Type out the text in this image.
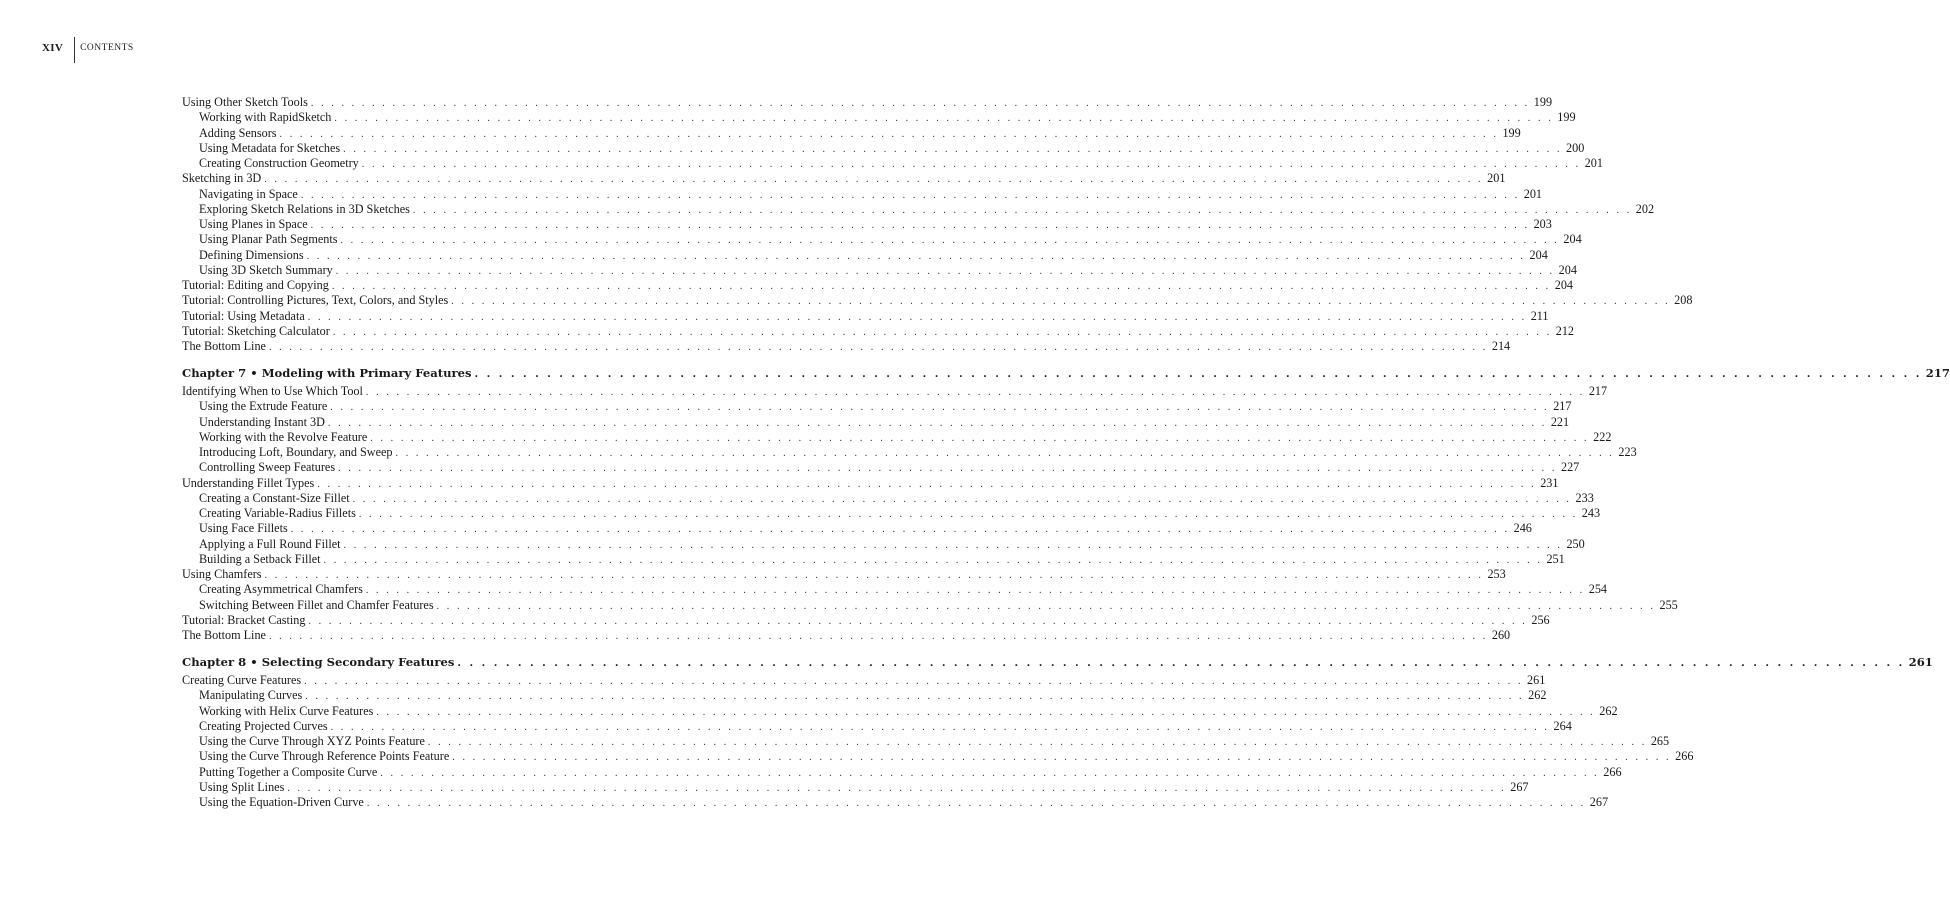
XIV	CONTENTS
Using Other Sketch Tools . . . . . . . . . . . . . . . . . . . . . . . . . . . . . . . . . . . . . . . . . . . . . . . . . . . . . . . . . . . . . . . . . . . . . . . . . . . . . . . . . . . . . . . . . . . . . . . . . . . . . . . . . . . . . . . . . . . . . . . . 199
Working with RapidSketch . . . . . . . . . . . . . . . . . . . . . . . . . . . . . . . . . . . . . . . . . . . . . . . . . . . . . . . . . . . . . . . . . . . . . . . . . . . . . . . . . . . . . . . . . . . . . . . . . . . . . . . . . . . . . . . . . . . . . . . . 199
Adding Sensors . . . . . . . . . . . . . . . . . . . . . . . . . . . . . . . . . . . . . . . . . . . . . . . . . . . . . . . . . . . . . . . . . . . . . . . . . . . . . . . . . . . . . . . . . . . . . . . . . . . . . . . . . . . . . . . . . . . . . . . . 199
Using Metadata for Sketches . . . . . . . . . . . . . . . . . . . . . . . . . . . . . . . . . . . . . . . . . . . . . . . . . . . . . . . . . . . . . . . . . . . . . . . . . . . . . . . . . . . . . . . . . . . . . . . . . . . . . . . . . . . . . . . . . . . . . . . . 200
Creating Construction Geometry . . . . . . . . . . . . . . . . . . . . . . . . . . . . . . . . . . . . . . . . . . . . . . . . . . . . . . . . . . . . . . . . . . . . . . . . . . . . . . . . . . . . . . . . . . . . . . . . . . . . . . . . . . . . . . . . . . . . . . . . 201
Sketching in 3D . . . . . . . . . . . . . . . . . . . . . . . . . . . . . . . . . . . . . . . . . . . . . . . . . . . . . . . . . . . . . . . . . . . . . . . . . . . . . . . . . . . . . . . . . . . . . . . . . . . . . . . . . . . . . . . . . . . . . . . . 201
Navigating in Space . . . . . . . . . . . . . . . . . . . . . . . . . . . . . . . . . . . . . . . . . . . . . . . . . . . . . . . . . . . . . . . . . . . . . . . . . . . . . . . . . . . . . . . . . . . . . . . . . . . . . . . . . . . . . . . . . . . . . . . . 201
Exploring Sketch Relations in 3D Sketches . . . . . . . . . . . . . . . . . . . . . . . . . . . . . . . . . . . . . . . . . . . . . . . . . . . . . . . . . . . . . . . . . . . . . . . . . . . . . . . . . . . . . . . . . . . . . . . . . . . . . . . . . . . . . . . . . . . . . . . . 202
Using Planes in Space . . . . . . . . . . . . . . . . . . . . . . . . . . . . . . . . . . . . . . . . . . . . . . . . . . . . . . . . . . . . . . . . . . . . . . . . . . . . . . . . . . . . . . . . . . . . . . . . . . . . . . . . . . . . . . . . . . . . . . . . 203
Using Planar Path Segments . . . . . . . . . . . . . . . . . . . . . . . . . . . . . . . . . . . . . . . . . . . . . . . . . . . . . . . . . . . . . . . . . . . . . . . . . . . . . . . . . . . . . . . . . . . . . . . . . . . . . . . . . . . . . . . . . . . . . . . . 204
Defining Dimensions . . . . . . . . . . . . . . . . . . . . . . . . . . . . . . . . . . . . . . . . . . . . . . . . . . . . . . . . . . . . . . . . . . . . . . . . . . . . . . . . . . . . . . . . . . . . . . . . . . . . . . . . . . . . . . . . . . . . . . . . 204
Using 3D Sketch Summary . . . . . . . . . . . . . . . . . . . . . . . . . . . . . . . . . . . . . . . . . . . . . . . . . . . . . . . . . . . . . . . . . . . . . . . . . . . . . . . . . . . . . . . . . . . . . . . . . . . . . . . . . . . . . . . . . . . . . . . . 204
Tutorial: Editing and Copying . . . . . . . . . . . . . . . . . . . . . . . . . . . . . . . . . . . . . . . . . . . . . . . . . . . . . . . . . . . . . . . . . . . . . . . . . . . . . . . . . . . . . . . . . . . . . . . . . . . . . . . . . . . . . . . . . . . . . . . . 204
Tutorial: Controlling Pictures, Text, Colors, and Styles . . . . . . . . . . . . . . . . . . . . . . . . . . . . . . . . . . . . . . . . . . . . . . . . . . . . . . . . . . . . . . . . . . . . . . . . . . . . . . . . . . . . . . . . . . . . . . . . . . . . . . . . . . . . . . . . . . . . . . . . 208
Tutorial: Using Metadata . . . . . . . . . . . . . . . . . . . . . . . . . . . . . . . . . . . . . . . . . . . . . . . . . . . . . . . . . . . . . . . . . . . . . . . . . . . . . . . . . . . . . . . . . . . . . . . . . . . . . . . . . . . . . . . . . . . . . . . . 211
Tutorial: Sketching Calculator . . . . . . . . . . . . . . . . . . . . . . . . . . . . . . . . . . . . . . . . . . . . . . . . . . . . . . . . . . . . . . . . . . . . . . . . . . . . . . . . . . . . . . . . . . . . . . . . . . . . . . . . . . . . . . . . . . . . . . . . 212
The Bottom Line . . . . . . . . . . . . . . . . . . . . . . . . . . . . . . . . . . . . . . . . . . . . . . . . . . . . . . . . . . . . . . . . . . . . . . . . . . . . . . . . . . . . . . . . . . . . . . . . . . . . . . . . . . . . . . . . . . . . . . . . 214
Chapter 7 • Modeling with Primary Features . . . . . . . . . . . . . . . . . . . . . . . . . . . . . . . . . . . . . . . . . . . . . . . . . . . . . . . . . . . . . . . . . . . . . . . . . . . . . . . . . . . . . . . . . . . . . . . . . . . . . . . . . . . . . . . . . . . . . . . . 217
Identifying When to Use Which Tool . . . . . . . . . . . . . . . . . . . . . . . . . . . . . . . . . . . . . . . . . . . . . . . . . . . . . . . . . . . . . . . . . . . . . . . . . . . . . . . . . . . . . . . . . . . . . . . . . . . . . . . . . . . . . . . . . . . . . . . . 217
Using the Extrude Feature . . . . . . . . . . . . . . . . . . . . . . . . . . . . . . . . . . . . . . . . . . . . . . . . . . . . . . . . . . . . . . . . . . . . . . . . . . . . . . . . . . . . . . . . . . . . . . . . . . . . . . . . . . . . . . . . . . . . . . . . 217
Understanding Instant 3D . . . . . . . . . . . . . . . . . . . . . . . . . . . . . . . . . . . . . . . . . . . . . . . . . . . . . . . . . . . . . . . . . . . . . . . . . . . . . . . . . . . . . . . . . . . . . . . . . . . . . . . . . . . . . . . . . . . . . . . . 221
Working with the Revolve Feature . . . . . . . . . . . . . . . . . . . . . . . . . . . . . . . . . . . . . . . . . . . . . . . . . . . . . . . . . . . . . . . . . . . . . . . . . . . . . . . . . . . . . . . . . . . . . . . . . . . . . . . . . . . . . . . . . . . . . . . . 222
Introducing Loft, Boundary, and Sweep . . . . . . . . . . . . . . . . . . . . . . . . . . . . . . . . . . . . . . . . . . . . . . . . . . . . . . . . . . . . . . . . . . . . . . . . . . . . . . . . . . . . . . . . . . . . . . . . . . . . . . . . . . . . . . . . . . . . . . . . 223
Controlling Sweep Features . . . . . . . . . . . . . . . . . . . . . . . . . . . . . . . . . . . . . . . . . . . . . . . . . . . . . . . . . . . . . . . . . . . . . . . . . . . . . . . . . . . . . . . . . . . . . . . . . . . . . . . . . . . . . . . . . . . . . . . . 227
Understanding Fillet Types . . . . . . . . . . . . . . . . . . . . . . . . . . . . . . . . . . . . . . . . . . . . . . . . . . . . . . . . . . . . . . . . . . . . . . . . . . . . . . . . . . . . . . . . . . . . . . . . . . . . . . . . . . . . . . . . . . . . . . . . 231
Creating a Constant-Size Fillet . . . . . . . . . . . . . . . . . . . . . . . . . . . . . . . . . . . . . . . . . . . . . . . . . . . . . . . . . . . . . . . . . . . . . . . . . . . . . . . . . . . . . . . . . . . . . . . . . . . . . . . . . . . . . . . . . . . . . . . . 233
Creating Variable-Radius Fillets . . . . . . . . . . . . . . . . . . . . . . . . . . . . . . . . . . . . . . . . . . . . . . . . . . . . . . . . . . . . . . . . . . . . . . . . . . . . . . . . . . . . . . . . . . . . . . . . . . . . . . . . . . . . . . . . . . . . . . . . 243
Using Face Fillets . . . . . . . . . . . . . . . . . . . . . . . . . . . . . . . . . . . . . . . . . . . . . . . . . . . . . . . . . . . . . . . . . . . . . . . . . . . . . . . . . . . . . . . . . . . . . . . . . . . . . . . . . . . . . . . . . . . . . . . . 246
Applying a Full Round Fillet . . . . . . . . . . . . . . . . . . . . . . . . . . . . . . . . . . . . . . . . . . . . . . . . . . . . . . . . . . . . . . . . . . . . . . . . . . . . . . . . . . . . . . . . . . . . . . . . . . . . . . . . . . . . . . . . . . . . . . . . 250
Building a Setback Fillet . . . . . . . . . . . . . . . . . . . . . . . . . . . . . . . . . . . . . . . . . . . . . . . . . . . . . . . . . . . . . . . . . . . . . . . . . . . . . . . . . . . . . . . . . . . . . . . . . . . . . . . . . . . . . . . . . . . . . . . . 251
Using Chamfers . . . . . . . . . . . . . . . . . . . . . . . . . . . . . . . . . . . . . . . . . . . . . . . . . . . . . . . . . . . . . . . . . . . . . . . . . . . . . . . . . . . . . . . . . . . . . . . . . . . . . . . . . . . . . . . . . . . . . . . . 253
Creating Asymmetrical Chamfers . . . . . . . . . . . . . . . . . . . . . . . . . . . . . . . . . . . . . . . . . . . . . . . . . . . . . . . . . . . . . . . . . . . . . . . . . . . . . . . . . . . . . . . . . . . . . . . . . . . . . . . . . . . . . . . . . . . . . . . . 254
Switching Between Fillet and Chamfer Features . . . . . . . . . . . . . . . . . . . . . . . . . . . . . . . . . . . . . . . . . . . . . . . . . . . . . . . . . . . . . . . . . . . . . . . . . . . . . . . . . . . . . . . . . . . . . . . . . . . . . . . . . . . . . . . . . . . . . . . . 255
Tutorial: Bracket Casting . . . . . . . . . . . . . . . . . . . . . . . . . . . . . . . . . . . . . . . . . . . . . . . . . . . . . . . . . . . . . . . . . . . . . . . . . . . . . . . . . . . . . . . . . . . . . . . . . . . . . . . . . . . . . . . . . . . . . . . . 256
The Bottom Line . . . . . . . . . . . . . . . . . . . . . . . . . . . . . . . . . . . . . . . . . . . . . . . . . . . . . . . . . . . . . . . . . . . . . . . . . . . . . . . . . . . . . . . . . . . . . . . . . . . . . . . . . . . . . . . . . . . . . . . . 260
Chapter 8 • Selecting Secondary Features . . . . . . . . . . . . . . . . . . . . . . . . . . . . . . . . . . . . . . . . . . . . . . . . . . . . . . . . . . . . . . . . . . . . . . . . . . . . . . . . . . . . . . . . . . . . . . . . . . . . . . . . . . . . . . . . . . . . . . . . 261
Creating Curve Features . . . . . . . . . . . . . . . . . . . . . . . . . . . . . . . . . . . . . . . . . . . . . . . . . . . . . . . . . . . . . . . . . . . . . . . . . . . . . . . . . . . . . . . . . . . . . . . . . . . . . . . . . . . . . . . . . . . . . . . . 261
Manipulating Curves . . . . . . . . . . . . . . . . . . . . . . . . . . . . . . . . . . . . . . . . . . . . . . . . . . . . . . . . . . . . . . . . . . . . . . . . . . . . . . . . . . . . . . . . . . . . . . . . . . . . . . . . . . . . . . . . . . . . . . . . 262
Working with Helix Curve Features . . . . . . . . . . . . . . . . . . . . . . . . . . . . . . . . . . . . . . . . . . . . . . . . . . . . . . . . . . . . . . . . . . . . . . . . . . . . . . . . . . . . . . . . . . . . . . . . . . . . . . . . . . . . . . . . . . . . . . . . 262
Creating Projected Curves . . . . . . . . . . . . . . . . . . . . . . . . . . . . . . . . . . . . . . . . . . . . . . . . . . . . . . . . . . . . . . . . . . . . . . . . . . . . . . . . . . . . . . . . . . . . . . . . . . . . . . . . . . . . . . . . . . . . . . . . 264
Using the Curve Through XYZ Points Feature . . . . . . . . . . . . . . . . . . . . . . . . . . . . . . . . . . . . . . . . . . . . . . . . . . . . . . . . . . . . . . . . . . . . . . . . . . . . . . . . . . . . . . . . . . . . . . . . . . . . . . . . . . . . . . . . . . . . . . . . 265
Using the Curve Through Reference Points Feature . . . . . . . . . . . . . . . . . . . . . . . . . . . . . . . . . . . . . . . . . . . . . . . . . . . . . . . . . . . . . . . . . . . . . . . . . . . . . . . . . . . . . . . . . . . . . . . . . . . . . . . . . . . . . . . . . . . . . . . . 266
Putting Together a Composite Curve . . . . . . . . . . . . . . . . . . . . . . . . . . . . . . . . . . . . . . . . . . . . . . . . . . . . . . . . . . . . . . . . . . . . . . . . . . . . . . . . . . . . . . . . . . . . . . . . . . . . . . . . . . . . . . . . . . . . . . . . 266
Using Split Lines . . . . . . . . . . . . . . . . . . . . . . . . . . . . . . . . . . . . . . . . . . . . . . . . . . . . . . . . . . . . . . . . . . . . . . . . . . . . . . . . . . . . . . . . . . . . . . . . . . . . . . . . . . . . . . . . . . . . . . . . 267
Using the Equation-Driven Curve . . . . . . . . . . . . . . . . . . . . . . . . . . . . . . . . . . . . . . . . . . . . . . . . . . . . . . . . . . . . . . . . . . . . . . . . . . . . . . . . . . . . . . . . . . . . . . . . . . . . . . . . . . . . . . . . . . . . . . . . 267
